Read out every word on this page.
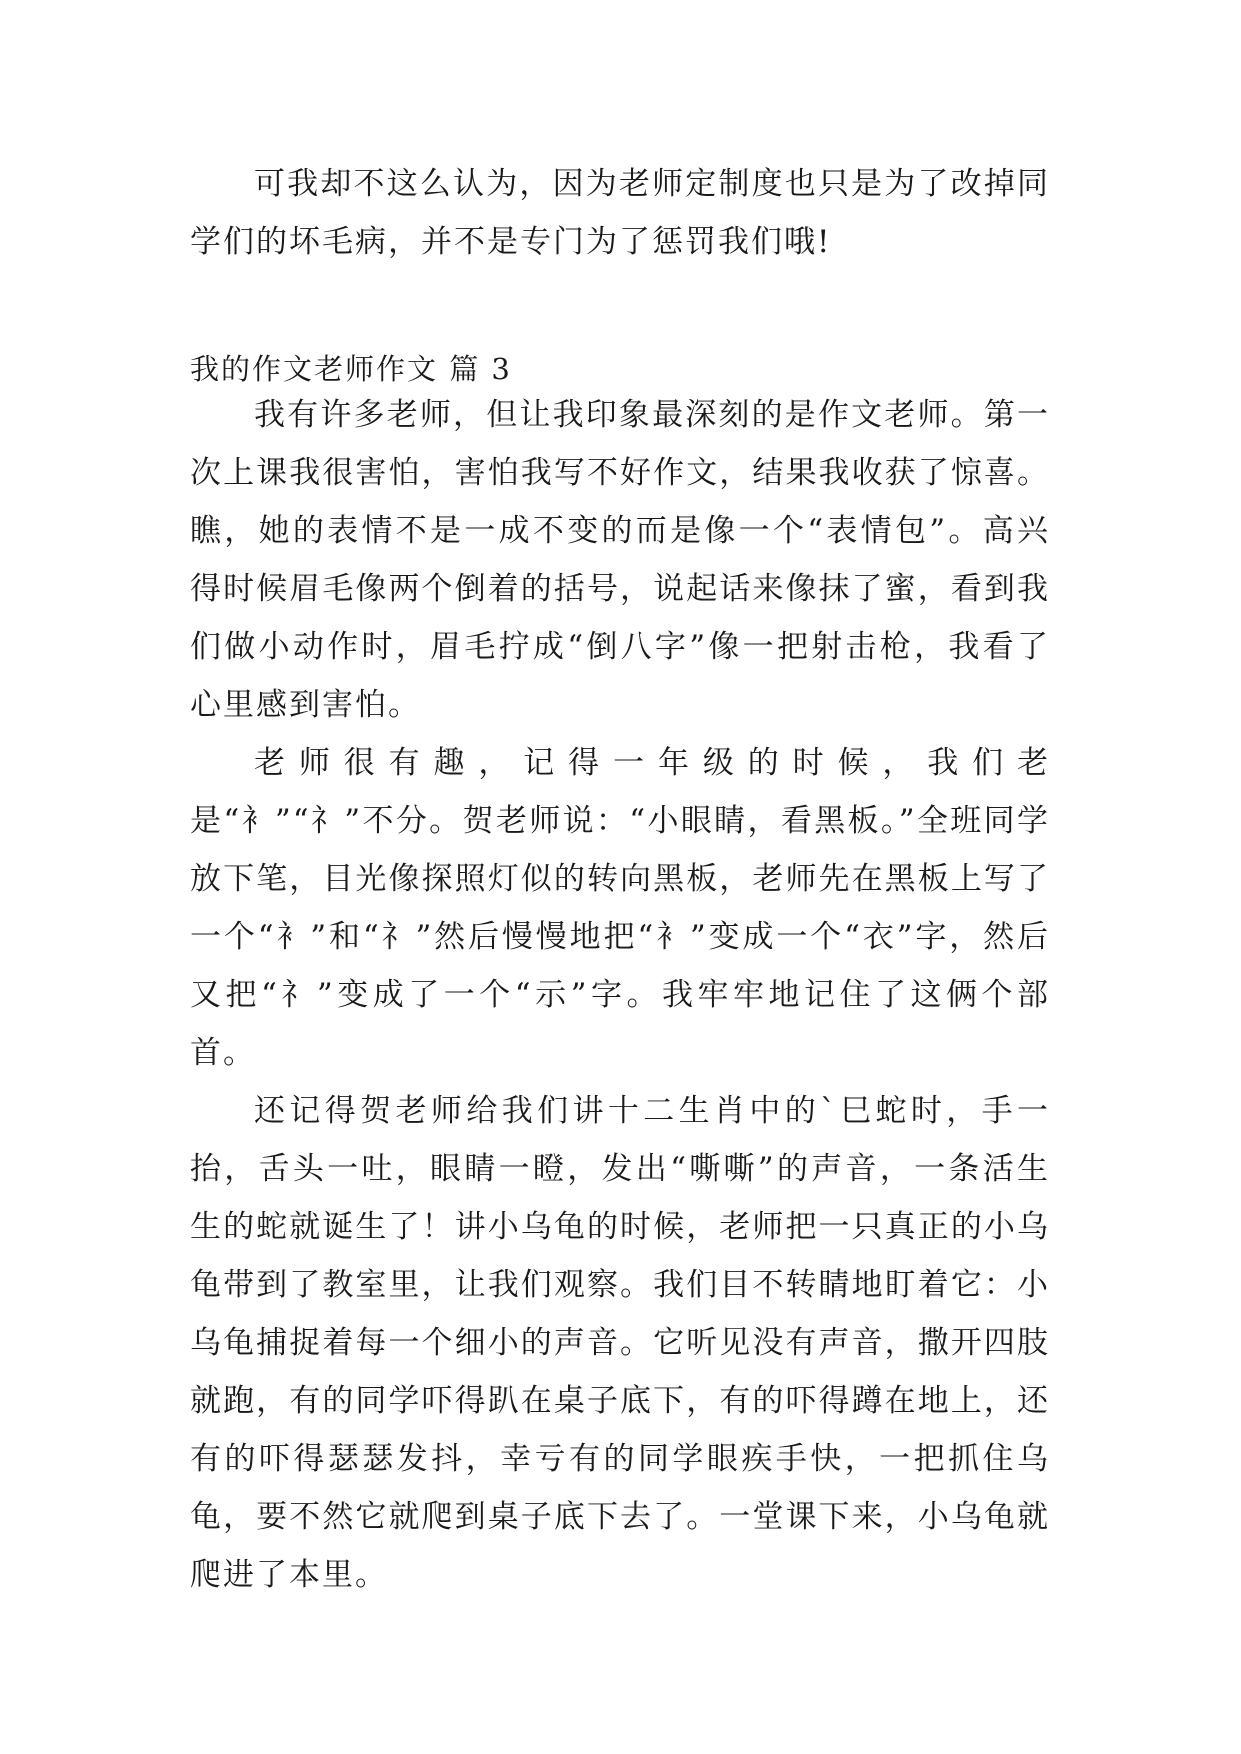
可我却不这么认为，因为老师定制度也只是为了改掉同学们的坏毛病，并不是专门为了惩罚我们哦!

我的作文老师作文 篇 3

我有许多老师，但让我印象最深刻的是作文老师。第一次上课我很害怕，害怕我写不好作文，结果我收获了惊喜。瞧，她的表情不是一成不变的而是像一个“表情包”。高兴得时候眉毛像两个倒着的括号，说起话来像抹了蜜，看到我们做小动作时，眉毛拧成“倒八字”像一把射击枪，我看了心里感到害怕。

老师很有趣，记得一年级的时候，我们老是“衤”“礻”不分。贺老师说：“小眼睛，看黑板。”全班同学放下笔，目光像探照灯似的转向黑板，老师先在黑板上写了一个“衤”和“礻”然后慢慢地把“衤”变成一个“衣”字，然后又把“礻”变成了一个“示”字。我牢牢地记住了这俩个部首。

还记得贺老师给我们讲十二生肖中的`巳蛇时，手一抬，舌头一吐，眼睛一瞪，发出“嘶嘶”的声音，一条活生生的蛇就诞生了！讲小乌龟的时候，老师把一只真正的小乌龟带到了教室里，让我们观察。我们目不转睛地盯着它：小乌龟捕捉着每一个细小的声音。它听见没有声音，撒开四肢就跑，有的同学吓得趴在桌子底下，有的吓得蹲在地上，还有的吓得瑟瑟发抖，幸亏有的同学眼疾手快，一把抓住乌龟，要不然它就爬到桌子底下去了。一堂课下来，小乌龟就爬进了本里。
